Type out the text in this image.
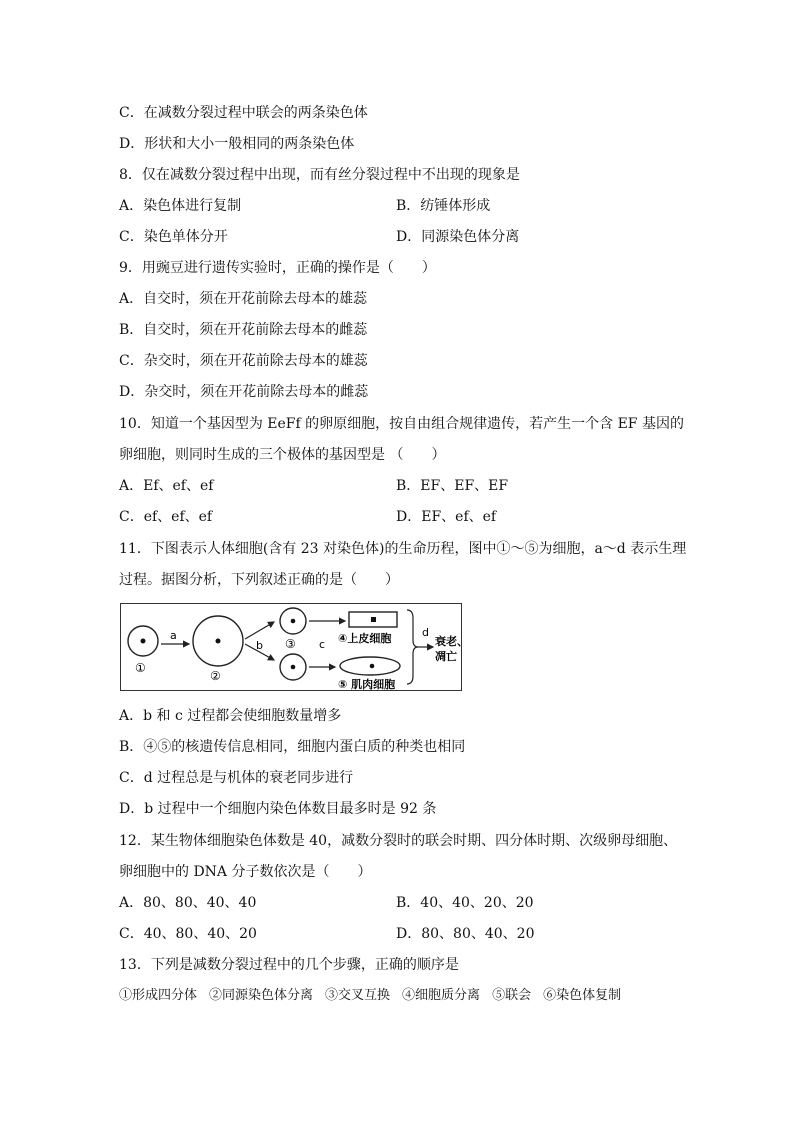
C．在减数分裂过程中联会的两条染色体
D．形状和大小一般相同的两条染色体
8．仅在减数分裂过程中出现，而有丝分裂过程中不出现的现象是
A．染色体进行复制	B．纺锤体形成
C．染色单体分开	D．同源染色体分离
9．用豌豆进行遗传实验时，正确的操作是（　　）
A．自交时，须在开花前除去母本的雄蕊
B．自交时，须在开花前除去母本的雌蕊
C．杂交时，须在开花前除去母本的雄蕊
D．杂交时，须在开花前除去母本的雌蕊
10．知道一个基因型为 EeFf 的卵原细胞，按自由组合规律遗传，若产生一个含 EF 基因的
卵细胞，则同时生成的三个极体的基因型是 （　　）
A．Ef、ef、ef	B．EF、EF、EF
C．ef、ef、ef	D．EF、ef、ef
11．下图表示人体细胞(含有 23 对染色体)的生命历程，图中①～⑤为细胞，a～d 表示生理
过程。据图分析，下列叙述正确的是（　　）
①
a
②
b ③ c ④上皮细胞
⑤ 肌肉细胞
d
衰老、
凋亡
A．b 和 c 过程都会使细胞数量增多
B．④⑤的核遗传信息相同，细胞内蛋白质的种类也相同
C．d 过程总是与机体的衰老同步进行
D．b 过程中一个细胞内染色体数目最多时是 92 条
12．某生物体细胞染色体数是 40，减数分裂时的联会时期、四分体时期、次级卵母细胞、
卵细胞中的 DNA 分子数依次是（　　）
A．80、80、40、40	B．40、40、20、20
C．40、80、40、20	D．80、80、40、20
13．下列是减数分裂过程中的几个步骤，正确的顺序是
①形成四分体 ②同源染色体分离 ③交叉互换 ④细胞质分离 ⑤联会 ⑥染色体复制
